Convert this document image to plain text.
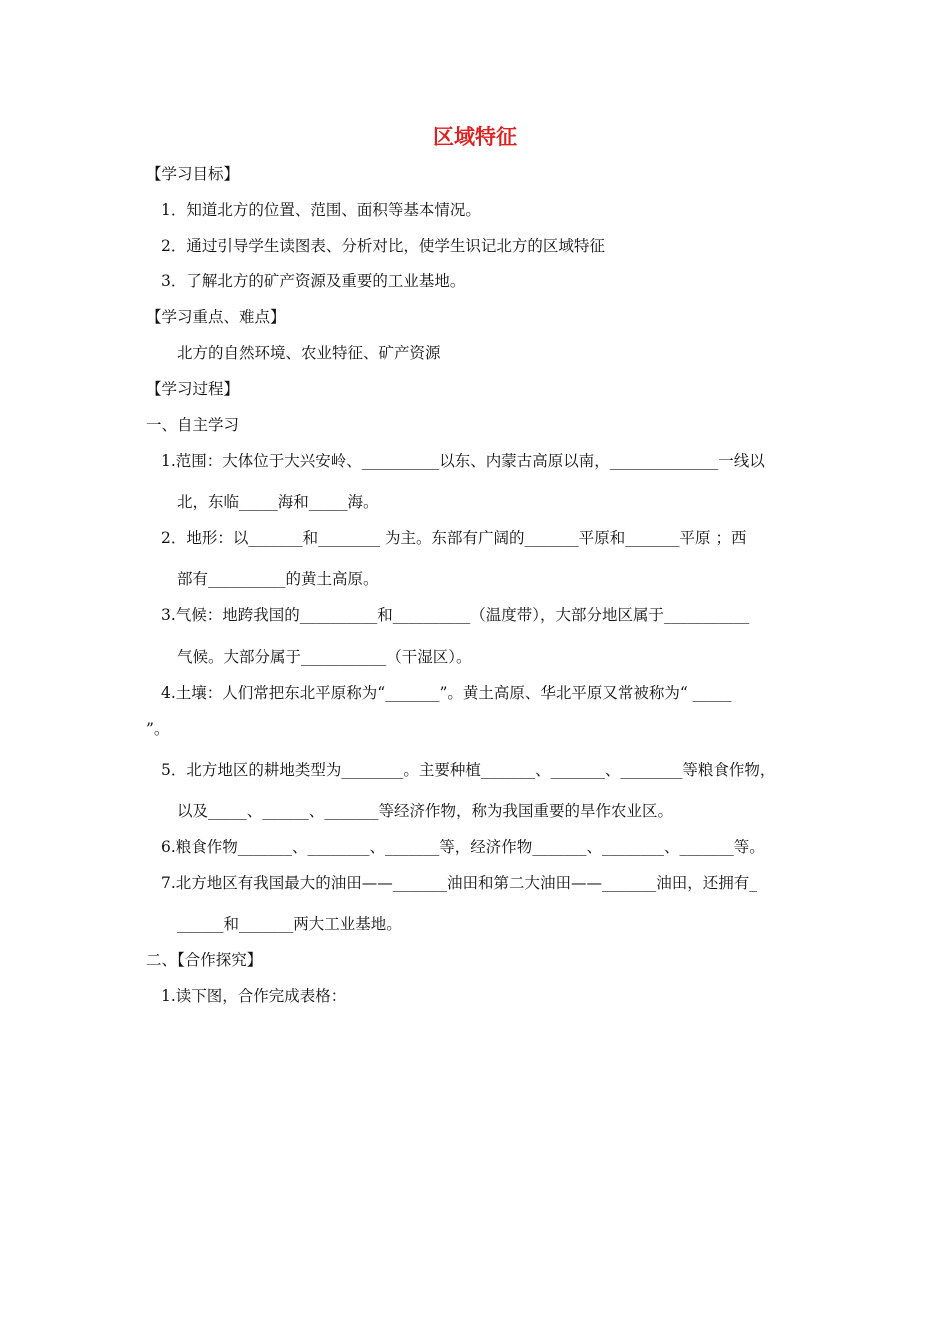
区域特征
【学习目标】
1．知道北方的位置、范围、面积等基本情况。
2．通过引导学生读图表、分析对比，使学生识记北方的区域特征
3．了解北方的矿产资源及重要的工业基地。
【学习重点、难点】
北方的自然环境、农业特征、矿产资源
【学习过程】
一、自主学习
1.范围：大体位于大兴安岭、__________以东、内蒙古高原以南，______________一线以
北，东临_____海和_____海。
2．地形：以_______和________ 为主。东部有广阔的_______平原和_______平原 ；西
部有__________的黄土高原。
3.气候：地跨我国的__________和__________（温度带），大部分地区属于___________
气候。大部分属于___________（干湿区）。
4.土壤：人们常把东北平原称为“_______”。黄土高原、华北平原又常被称为“ _____
”。
5．北方地区的耕地类型为________。主要种植_______、_______、________等粮食作物，
以及_____、______、_______等经济作物，称为我国重要的旱作农业区。
6.粮食作物_______、________、_______等，经济作物_______、________、_______等。
7.北方地区有我国最大的油田——_______油田和第二大油田——_______油田，还拥有_
______和_______两大工业基地。
二、【合作探究】
1.读下图，合作完成表格：
